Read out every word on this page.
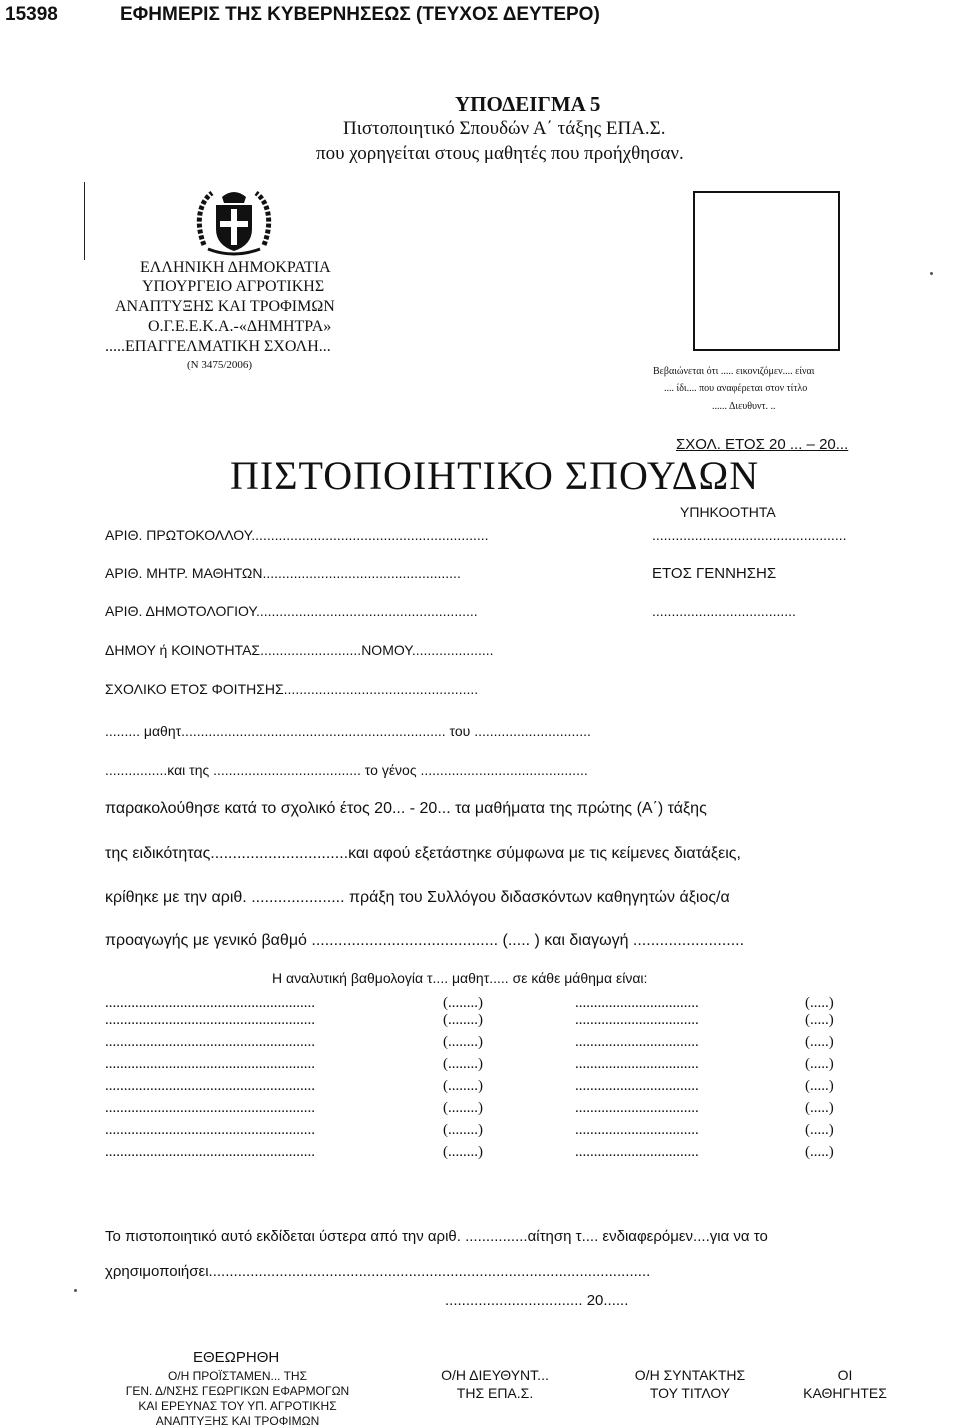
15398	ΕΦΗΜΕΡΙΣ ΤΗΣ ΚΥΒΕΡΝΗΣΕΩΣ (ΤΕΥΧΟΣ ΔΕΥΤΕΡΟ)
ΥΠΟΔΕΙΓΜΑ 5
Πιστοποιητικό Σπουδών Α΄ τάξης ΕΠΑ.Σ.
που χορηγείται στους μαθητές που προήχθησαν.
ΕΛΛΗΝΙΚΗ ΔΗΜΟΚΡΑΤΙΑ
ΥΠΟΥΡΓΕΙΟ ΑΓΡΟΤΙΚΗΣ
ΑΝΑΠΤΥΞΗΣ ΚΑΙ ΤΡΟΦΙΜΩΝ
Ο.Γ.Ε.Ε.Κ.Α.-«ΔΗΜΗΤΡΑ»
.....ΕΠΑΓΓΕΛΜΑΤΙΚΗ ΣΧΟΛΗ...
(Ν 3475/2006)
Βεβαιώνεται ότι ..... εικονιζόμεν.... είναι
.... ίδι.... που αναφέρεται στον τίτλο
...... Διευθυντ. ..
ΣΧΟΛ. ΕΤΟΣ 20 ... – 20...
ΠΙΣΤΟΠΟΙΗΤΙΚΟ ΣΠΟΥΔΩΝ
ΥΠΗΚΟΟΤΗΤΑ
ΑΡΙΘ. ΠΡΩΤΟΚΟΛΛΟΥ.............................................................	..................................................
ΑΡΙΘ. ΜΗΤΡ. ΜΑΘΗΤΩΝ...................................................	ΕΤΟΣ ΓΕΝΝΗΣΗΣ
ΑΡΙΘ. ΔΗΜΟΤΟΛΟΓΙΟΥ.........................................................	.....................................
ΔΗΜΟΥ ή ΚΟΙΝΟΤΗΤΑΣ..........................ΝΟΜΟΥ.....................
ΣΧΟΛΙΚΟ ΕΤΟΣ ΦΟΙΤΗΣΗΣ..................................................
......... μαθητ.................................................................... του ..............................
................και της ...................................... το γένος ...........................................
παρακολούθησε κατά το σχολικό έτος 20... - 20... τα μαθήματα της πρώτης (Α΄) τάξης
της ειδικότητας...............................και αφού εξετάστηκε σύμφωνα με τις κείμενες διατάξεις,
κρίθηκε με την αριθ. ..................... πράξη του Συλλόγου διδασκόντων καθηγητών άξιος/α
προαγωγής με γενικό βαθμό .......................................... (..... ) και διαγωγή .........................
Η αναλυτική βαθμολογία τ.... μαθητ..... σε κάθε μάθημα είναι:
........................................................	(........)	.................................	(.....)
........................................................	(........)	.................................	(.....)
........................................................	(........)	.................................	(.....)
........................................................	(........)	.................................	(.....)
........................................................	(........)	.................................	(.....)
........................................................	(........)	.................................	(.....)
........................................................	(........)	.................................	(.....)
........................................................	(........)	.................................	(.....)
Το πιστοποιητικό αυτό εκδίδεται ύστερα από την αριθ. ...............αίτηση τ.... ενδιαφερόμεν....για να το
χρησιμοποιήσει..........................................................................................................
................................. 20......
ΕΘΕΩΡΗΘΗ
Ο/Η ΠΡΟΪΣΤΑΜΕΝ... ΤΗΣ
ΓΕΝ. Δ/ΝΣΗΣ ΓΕΩΡΓΙΚΩΝ ΕΦΑΡΜΟΓΩΝ
ΚΑΙ ΕΡΕΥΝΑΣ ΤΟΥ ΥΠ. ΑΓΡΟΤΙΚΗΣ
ΑΝΑΠΤΥΞΗΣ ΚΑΙ ΤΡΟΦΙΜΩΝ
Ο/Η ΔΙΕΥΘΥΝΤ...
ΤΗΣ ΕΠΑ.Σ.
Ο/Η ΣΥΝΤΑΚΤΗΣ
ΤΟΥ ΤΙΤΛΟΥ
ΟΙ
ΚΑΘΗΓΗΤΕΣ
